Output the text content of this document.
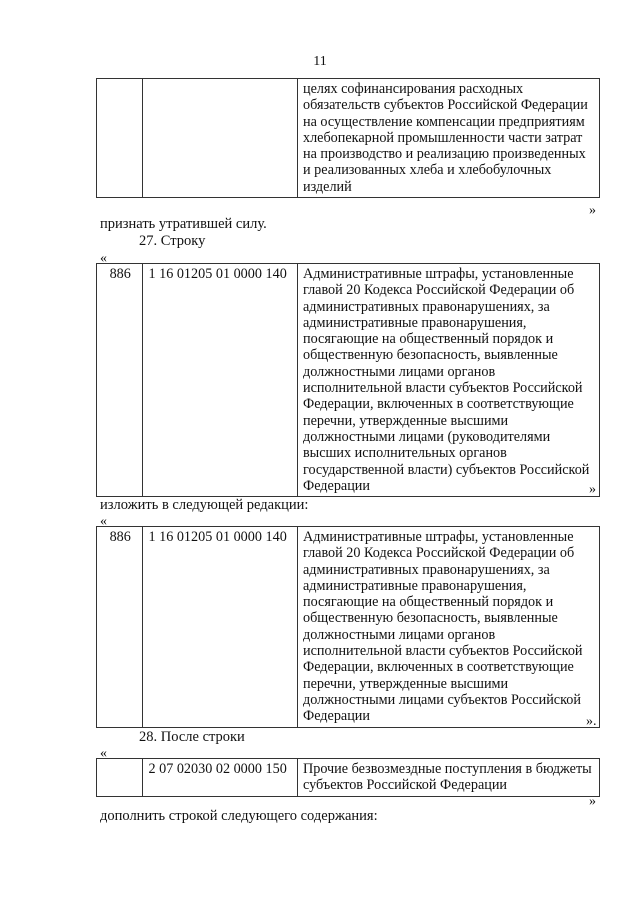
11
		целях софинансирования расходных обязательств субъектов Российской Федерации на осуществление компенсации предприятиям хлебопекарной промышленности части затрат на производство и реализацию произведенных и реализованных хлеба и хлебобулочных изделий
»
признать утратившей силу.
27. Строку
«
886	1 16 01205 01 0000 140	Административные штрафы, установленные главой 20 Кодекса Российской Федерации об административных правонарушениях, за административные правонарушения, посягающие на общественный порядок и общественную безопасность, выявленные должностными лицами органов исполнительной власти субъектов Российской Федерации, включенных в соответствующие перечни, утвержденные высшими должностными лицами (руководителями высших исполнительных органов государственной власти) субъектов Российской Федерации	»
изложить в следующей редакции:
«
886	1 16 01205 01 0000 140	Административные штрафы, установленные главой 20 Кодекса Российской Федерации об административных правонарушениях, за административные правонарушения, посягающие на общественный порядок и общественную безопасность, выявленные должностными лицами органов исполнительной власти субъектов Российской Федерации, включенных в соответствующие перечни, утвержденные высшими должностными лицами субъектов Российской Федерации	».
28. После строки
«
	2 07 02030 02 0000 150	Прочие безвозмездные поступления в бюджеты субъектов Российской Федерации
»
дополнить строкой следующего содержания:
